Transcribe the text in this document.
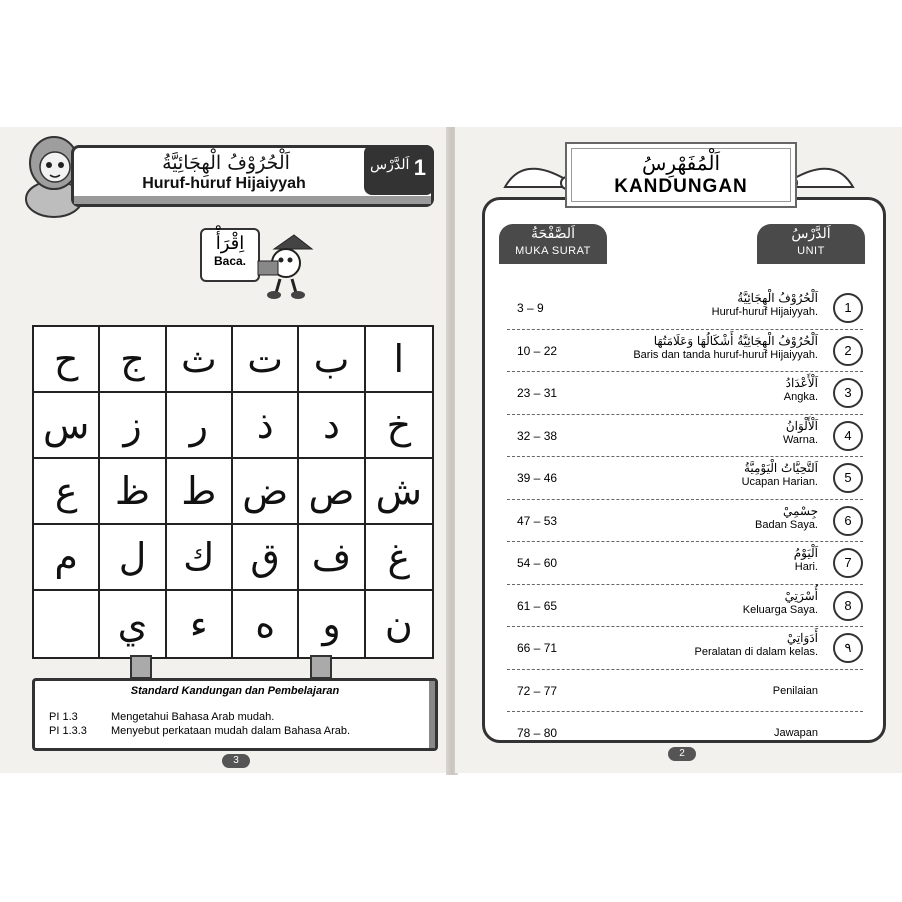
اَلْحُرُوْفُ الْهِجَائِيَّةُ
Huruf-huruf Hijaiyyah
اَلدَّرْس 1
اِقْرَأْ
Baca.
ح	ج ث ت ب	ا
س ز	ر	ذ	د	خ
ع ظ ط ض ص ش
م	ل ك ق ف غ
ي	ء	ه	و	ن
Standard Kandungan dan Pembelajaran
PI 1.3	Mengetahui Bahasa Arab mudah.
PI 1.3.3 Menyebut perkataan mudah dalam Bahasa Arab.
3
اَلصَّفْحَةُ
MUKA SURAT
اَلدَّرْسُ
UNIT
3 – 9
اَلْحُرُوْفُ الْهِجَائِيَّةُ
Huruf-huruf Hijaiyyah.	1
10 – 22
اَلْحُرُوْفُ الْهِجَائِيَّةُ أَشْكَالُهَا وَعَلَامَتُهَا
Baris dan tanda huruf-huruf Hijaiyyah.	2
23 – 31
اَلْأَعْدَادُ
Angka.	3
32 – 38
اَلْأَلْوَانُ
Warna.	4
39 – 46
اَلتَّحِيَّاتُ الْيَوْمِيَّةُ
Ucapan Harian.	5
47 – 53
جِسْمِيْ
Badan Saya.	6
54 – 60
اَلْيَوْمُ
Hari.	7
61 – 65
أُسْرَتِيْ
Keluarga Saya.	8
66 – 71
أَدَوَاتِيْ
Peralatan di dalam kelas.	٩
72 – 77	Penilaian
78 – 80	Jawapan
اَلْمُفَهْرِسُ
KANDUNGAN
2
